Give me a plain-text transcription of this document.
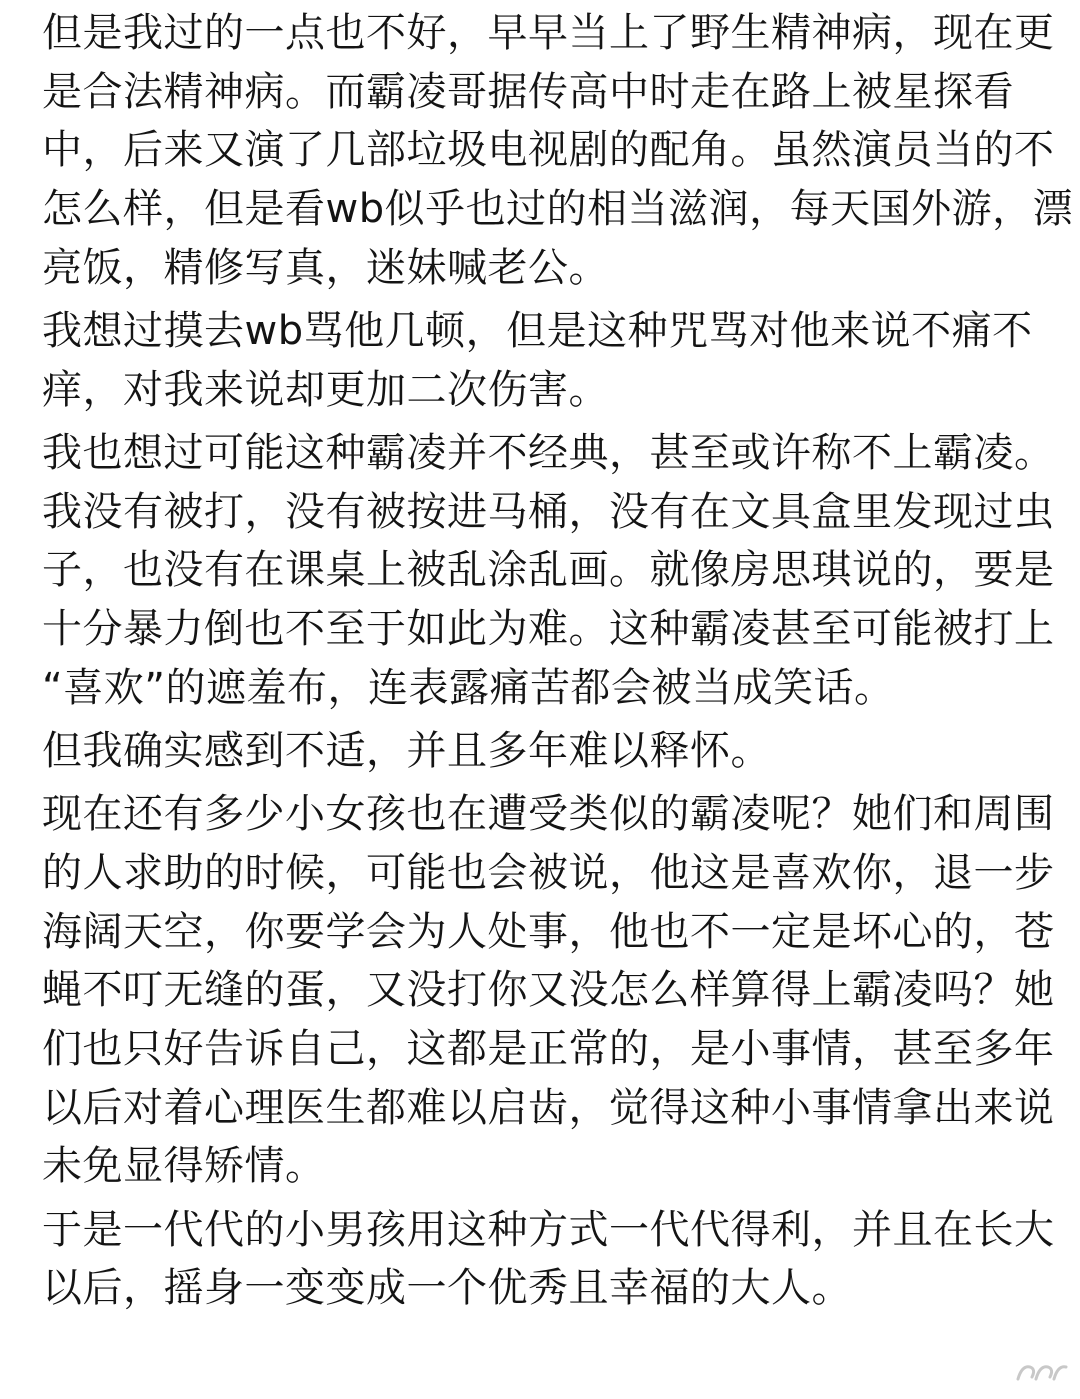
但是我过的一点也不好，早早当上了野生精神病，现在更
是合法精神病。而霸凌哥据传高中时走在路上被星探看
中，后来又演了几部垃圾电视剧的配角。虽然演员当的不
怎么样，但是看wb似乎也过的相当滋润，每天国外游，漂
亮饭，精修写真，迷妹喊老公。
我想过摸去wb骂他几顿，但是这种咒骂对他来说不痛不
痒，对我来说却更加二次伤害。
我也想过可能这种霸凌并不经典，甚至或许称不上霸凌。
我没有被打，没有被按进马桶，没有在文具盒里发现过虫
子，也没有在课桌上被乱涂乱画。就像房思琪说的，要是
十分暴力倒也不至于如此为难。这种霸凌甚至可能被打上
“喜欢”的遮羞布，连表露痛苦都会被当成笑话。
但我确实感到不适，并且多年难以释怀。
现在还有多少小女孩也在遭受类似的霸凌呢？她们和周围
的人求助的时候，可能也会被说，他这是喜欢你，退一步
海阔天空，你要学会为人处事，他也不一定是坏心的，苍
蝇不叮无缝的蛋，又没打你又没怎么样算得上霸凌吗？她
们也只好告诉自己，这都是正常的，是小事情，甚至多年
以后对着心理医生都难以启齿，觉得这种小事情拿出来说
未免显得矫情。
于是一代代的小男孩用这种方式一代代得利，并且在长大
以后，摇身一变变成一个优秀且幸福的大人。
